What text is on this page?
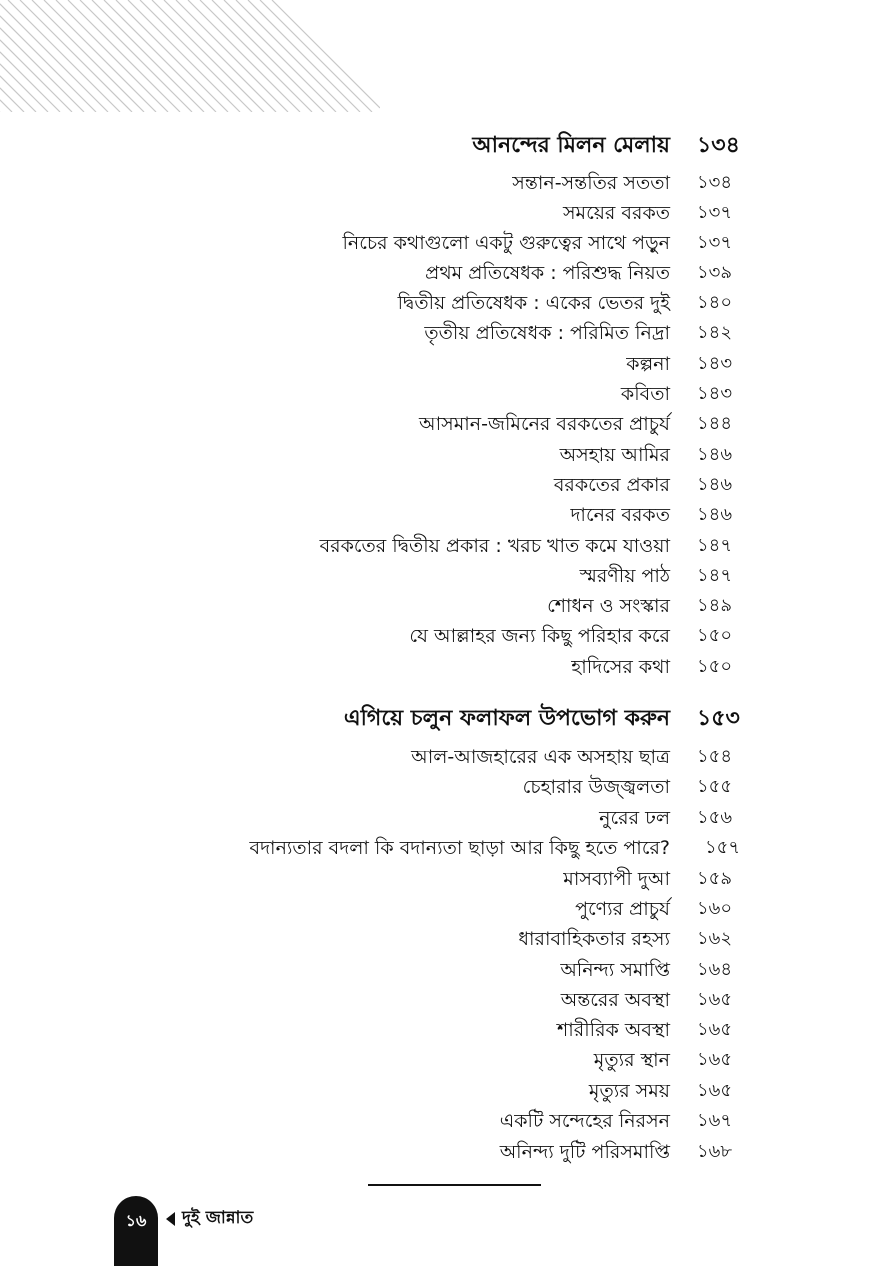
আনন্দের মিলন মেলায় ১৩৪
সন্তান-সন্ততির সততা ১৩৪
সময়ের বরকত ১৩৭
নিচের কথাগুলো একটু গুরুত্বের সাথে পড়ুন ১৩৭
প্রথম প্রতিষেধক : পরিশুদ্ধ নিয়ত ১৩৯
দ্বিতীয় প্রতিষেধক : একের ভেতর দুই ১৪০
তৃতীয় প্রতিষেধক : পরিমিত নিদ্রা ১৪২
কল্পনা ১৪৩
কবিতা ১৪৩
আসমান-জমিনের বরকতের প্রাচুর্য ১৪৪
অসহায় আমির ১৪৬
বরকতের প্রকার ১৪৬
দানের বরকত ১৪৬
বরকতের দ্বিতীয় প্রকার : খরচ খাত কমে যাওয়া ১৪৭
স্মরণীয় পাঠ ১৪৭
শোধন ও সংস্কার ১৪৯
যে আল্লাহর জন্য কিছু পরিহার করে ১৫০
হাদিসের কথা ১৫০
এগিয়ে চলুন ফলাফল উপভোগ করুন ১৫৩
আল-আজহারের এক অসহায় ছাত্র ১৫৪
চেহারার উজ্জ্বলতা ১৫৫
নুরের ঢল ১৫৬
বদান্যতার বদলা কি বদান্যতা ছাড়া আর কিছু হতে পারে? ১৫৭
মাসব্যাপী দুআ ১৫৯
পুণ্যের প্রাচুর্য ১৬০
ধারাবাহিকতার রহস্য ১৬২
অনিন্দ্য সমাপ্তি ১৬৪
অন্তরের অবস্থা ১৬৫
শারীরিক অবস্থা ১৬৫
মৃত্যুর স্থান ১৬৫
মৃত্যুর সময় ১৬৫
একটি সন্দেহের নিরসন ১৬৭
অনিন্দ্য দুটি পরিসমাপ্তি ১৬৮
১৬	দুই জান্নাত
